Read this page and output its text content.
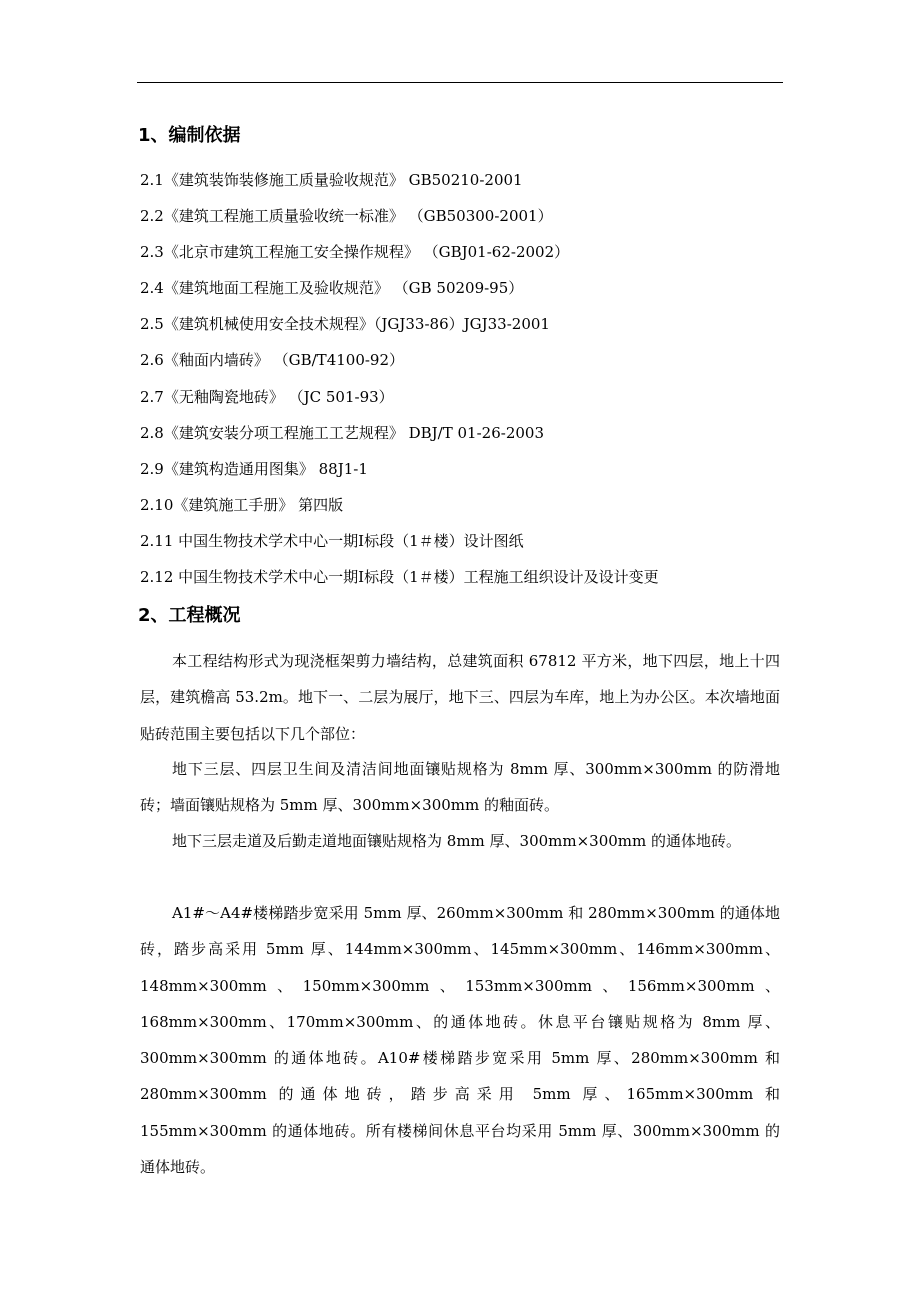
1、编制依据
2.1《建筑装饰装修施工质量验收规范》 GB50210-2001
2.2《建筑工程施工质量验收统一标准》 （GB50300-2001）
2.3《北京市建筑工程施工安全操作规程》 （GBJ01-62-2002）
2.4《建筑地面工程施工及验收规范》 （GB 50209-95）
2.5《建筑机械使用安全技术规程》（JGJ33-86）JGJ33-2001
2.6《釉面内墙砖》 （GB/T4100-92）
2.7《无釉陶瓷地砖》 （JC 501-93）
2.8《建筑安装分项工程施工工艺规程》 DBJ/T 01-26-2003
2.9《建筑构造通用图集》 88J1-1
2.10《建筑施工手册》 第四版
2.11 中国生物技术学术中心一期Ⅰ标段（1＃楼）设计图纸
2.12 中国生物技术学术中心一期Ⅰ标段（1＃楼）工程施工组织设计及设计变更
2、工程概况

本工程结构形式为现浇框架剪力墙结构，总建筑面积 67812 平方米，地下四层，地上十四层，建筑檐高 53.2m。地下一、二层为展厅，地下三、四层为车库，地上为办公区。本次墙地面贴砖范围主要包括以下几个部位：

地下三层、四层卫生间及清洁间地面镶贴规格为 8mm 厚、300mm×300mm 的防滑地砖；墙面镶贴规格为 5mm 厚、300mm×300mm 的釉面砖。

地下三层走道及后勤走道地面镶贴规格为 8mm 厚、300mm×300mm 的通体地砖。

A1#～A4#楼梯踏步宽采用 5mm 厚、260mm×300mm 和 280mm×300mm 的通体地砖，踏步高采用 5mm 厚、144mm×300mm、145mm×300mm、146mm×300mm、148mm×300mm、150mm×300mm、153mm×300mm、156mm×300mm、168mm×300mm、170mm×300mm、的通体地砖。休息平台镶贴规格为 8mm 厚、300mm×300mm 的通体地砖。A10#楼梯踏步宽采用 5mm 厚、280mm×300mm 和 280mm×300mm 的通体地砖，踏步高采用 5mm 厚、165mm×300mm 和 155mm×300mm 的通体地砖。所有楼梯间休息平台均采用 5mm 厚、300mm×300mm 的通体地砖。
